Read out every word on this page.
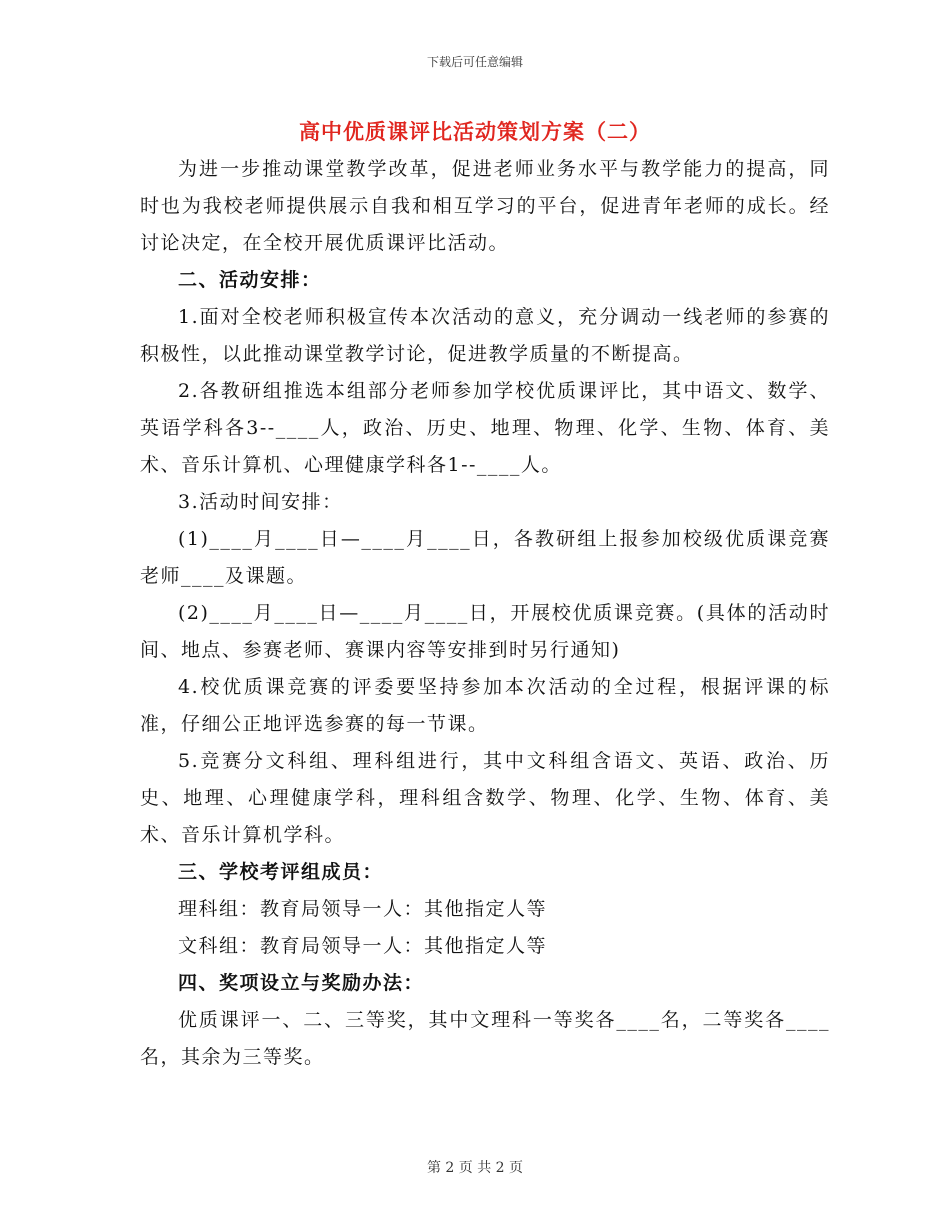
下载后可任意编辑
高中优质课评比活动策划方案（二）

为进一步推动课堂教学改革，促进老师业务水平与教学能力的提高，同时也为我校老师提供展示自我和相互学习的平台，促进青年老师的成长。经讨论决定，在全校开展优质课评比活动。

二、活动安排：

1.面对全校老师积极宣传本次活动的意义，充分调动一线老师的参赛的积极性，以此推动课堂教学讨论，促进教学质量的不断提高。

2.各教研组推选本组部分老师参加学校优质课评比，其中语文、数学、英语学科各3--____人，政治、历史、地理、物理、化学、生物、体育、美术、音乐计算机、心理健康学科各1--____人。

3.活动时间安排：

(1)____月____日—____月____日，各教研组上报参加校级优质课竞赛老师____及课题。

(2)____月____日—____月____日，开展校优质课竞赛。(具体的活动时间、地点、参赛老师、赛课内容等安排到时另行通知)

4.校优质课竞赛的评委要坚持参加本次活动的全过程，根据评课的标准，仔细公正地评选参赛的每一节课。

5.竞赛分文科组、理科组进行，其中文科组含语文、英语、政治、历史、地理、心理健康学科，理科组含数学、物理、化学、生物、体育、美术、音乐计算机学科。

三、学校考评组成员：

理科组：教育局领导一人：其他指定人等

文科组：教育局领导一人：其他指定人等

四、奖项设立与奖励办法：

优质课评一、二、三等奖，其中文理科一等奖各____名，二等奖各____名，其余为三等奖。

第 2 页 共 2 页
